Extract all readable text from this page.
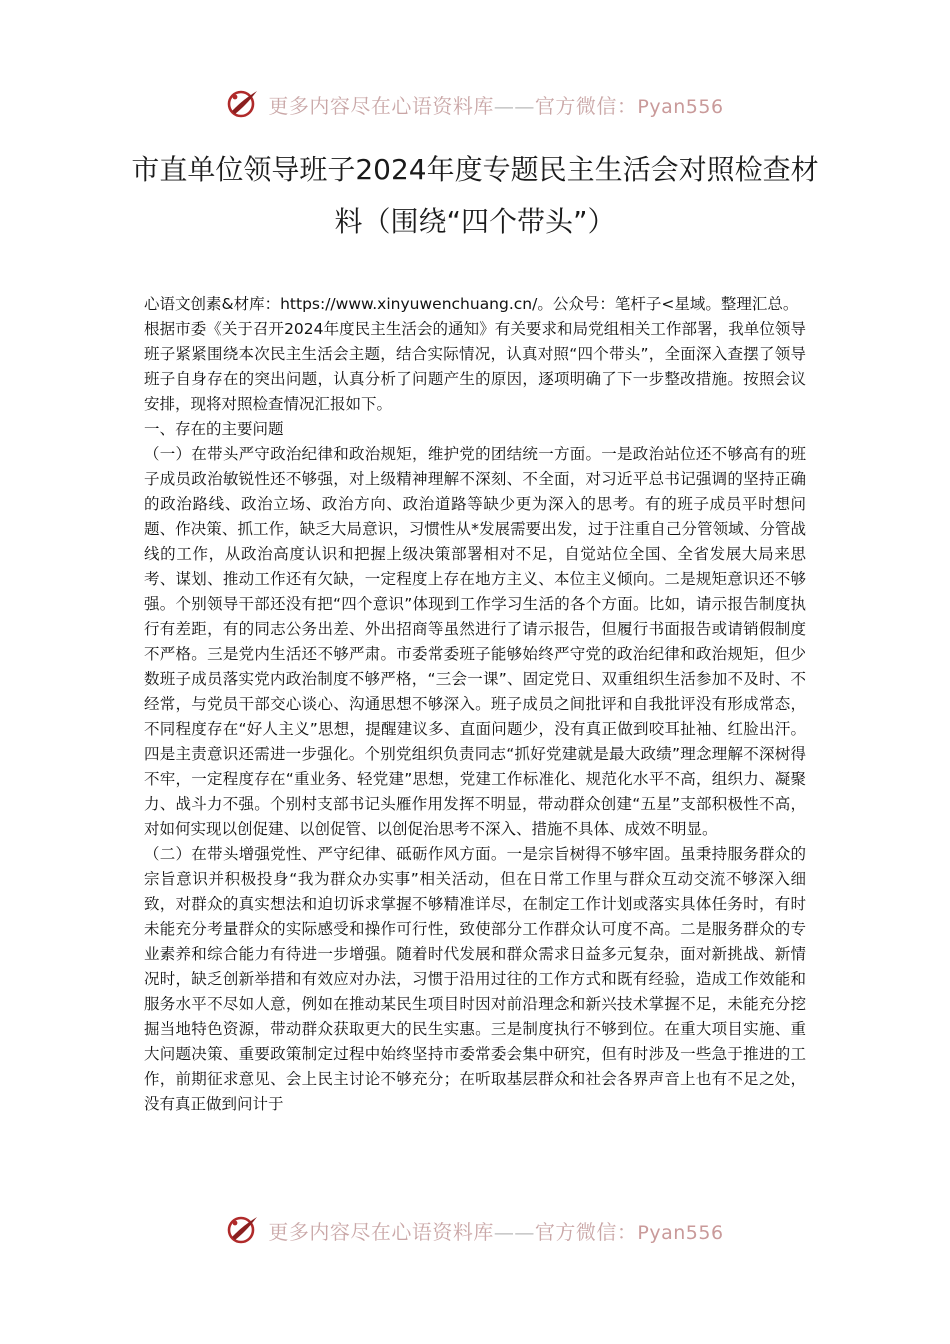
更多内容尽在心语资料库——官方微信：Pyan556
市直单位领导班子2024年度专题民主生活会对照检查材料（围绕“四个带头”）

心语文创素&材库：https://www.xinyuwenchuang.cn/。公众号：笔杆子<星域。整理汇总。

根据市委《关于召开2024年度民主生活会的通知》有关要求和局党组相关工作部署，我单位领导班子紧紧围绕本次民主生活会主题，结合实际情况，认真对照“四个带头”，全面深入查摆了领导班子自身存在的突出问题，认真分析了问题产生的原因，逐项明确了下一步整改措施。按照会议安排，现将对照检查情况汇报如下。

一、存在的主要问题

（一）在带头严守政治纪律和政治规矩，维护党的团结统一方面。一是政治站位还不够高有的班子成员政治敏锐性还不够强，对上级精神理解不深刻、不全面，对习近平总书记强调的坚持正确的政治路线、政治立场、政治方向、政治道路等缺少更为深入的思考。有的班子成员平时想问题、作决策、抓工作，缺乏大局意识，习惯性从*发展需要出发，过于注重自己分管领域、分管战线的工作，从政治高度认识和把握上级决策部署相对不足，自觉站位全国、全省发展大局来思考、谋划、推动工作还有欠缺，一定程度上存在地方主义、本位主义倾向。二是规矩意识还不够强。个别领导干部还没有把“四个意识”体现到工作学习生活的各个方面。比如，请示报告制度执行有差距，有的同志公务出差、外出招商等虽然进行了请示报告，但履行书面报告或请销假制度不严格。三是党内生活还不够严肃。市委常委班子能够始终严守党的政治纪律和政治规矩，但少数班子成员落实党内政治制度不够严格，“三会一课”、固定党日、双重组织生活参加不及时、不经常，与党员干部交心谈心、沟通思想不够深入。班子成员之间批评和自我批评没有形成常态，不同程度存在“好人主义”思想，提醒建议多、直面问题少，没有真正做到咬耳扯袖、红脸出汗。四是主责意识还需进一步强化。个别党组织负责同志“抓好党建就是最大政绩”理念理解不深树得不牢，一定程度存在“重业务、轻党建”思想，党建工作标准化、规范化水平不高，组织力、凝聚力、战斗力不强。个别村支部书记头雁作用发挥不明显，带动群众创建“五星”支部积极性不高，对如何实现以创促建、以创促管、以创促治思考不深入、措施不具体、成效不明显。

（二）在带头增强党性、严守纪律、砥砺作风方面。一是宗旨树得不够牢固。虽秉持服务群众的宗旨意识并积极投身“我为群众办实事”相关活动，但在日常工作里与群众互动交流不够深入细致，对群众的真实想法和迫切诉求掌握不够精准详尽，在制定工作计划或落实具体任务时，有时未能充分考量群众的实际感受和操作可行性，致使部分工作群众认可度不高。二是服务群众的专业素养和综合能力有待进一步增强。随着时代发展和群众需求日益多元复杂，面对新挑战、新情况时，缺乏创新举措和有效应对办法，习惯于沿用过往的工作方式和既有经验，造成工作效能和服务水平不尽如人意，例如在推动某民生项目时因对前沿理念和新兴技术掌握不足，未能充分挖掘当地特色资源，带动群众获取更大的民生实惠。三是制度执行不够到位。在重大项目实施、重大问题决策、重要政策制定过程中始终坚持市委常委会集中研究，但有时涉及一些急于推进的工作，前期征求意见、会上民主讨论不够充分；在听取基层群众和社会各界声音上也有不足之处，没有真正做到问计于

更多内容尽在心语资料库——官方微信：Pyan556
